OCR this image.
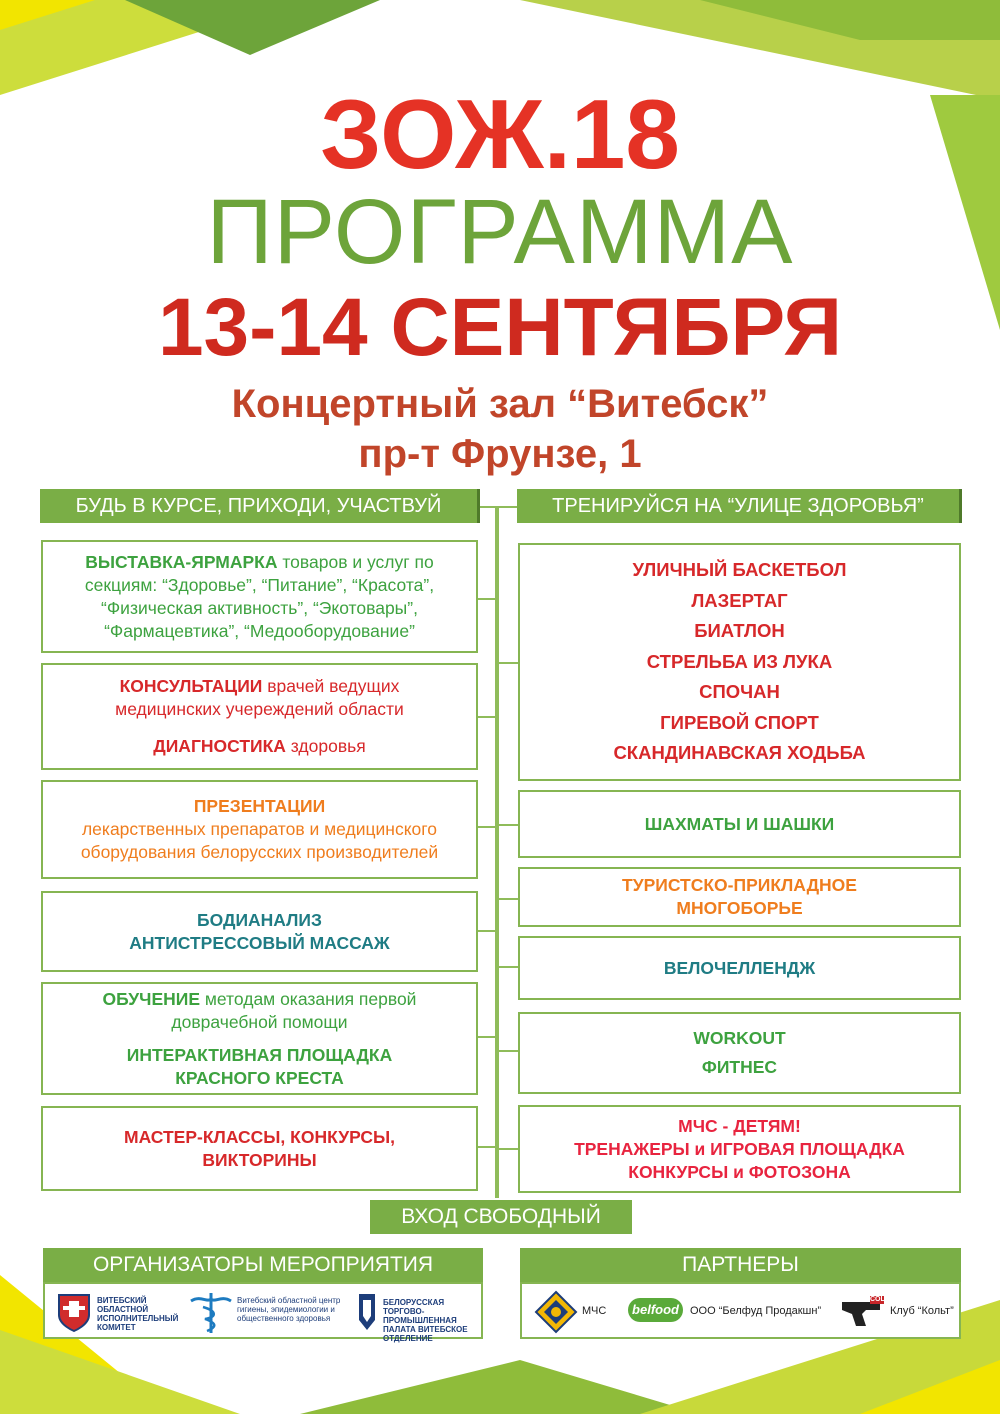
ЗОЖ.18
ПРОГРАММА
13-14 СЕНТЯБРЯ
Концертный зал “Витебск”
пр-т Фрунзе, 1
БУДЬ В КУРСЕ, ПРИХОДИ, УЧАСТВУЙ	ТРЕНИРУЙСЯ НА “УЛИЦЕ ЗДОРОВЬЯ”
ВЫСТАВКА-ЯРМАРКА товаров и услуг по
секциям: “Здоровье”, “Питание”, “Красота”,
“Физическая активность”, “Экотовары”,
“Фармацевтика”, “Медооборудование”
КОНСУЛЬТАЦИИ врачей ведущих
медицинских учереждений области
ДИАГНОСТИКА здоровья
ПРЕЗЕНТАЦИИ
лекарственных препаратов и медицинского
оборудования белорусских производителей
БОДИАНАЛИЗ
АНТИСТРЕССОВЫЙ МАССАЖ
ОБУЧЕНИЕ методам оказания первой
доврачебной помощи
ИНТЕРАКТИВНАЯ ПЛОЩАДКА
КРАСНОГО КРЕСТА
МАСТЕР-КЛАССЫ, КОНКУРСЫ,
ВИКТОРИНЫ
УЛИЧНЫЙ БАСКЕТБОЛ
ЛАЗЕРТАГ
БИАТЛОН
СТРЕЛЬБА ИЗ ЛУКА
СПОЧАН
ГИРЕВОЙ СПОРТ
СКАНДИНАВСКАЯ ХОДЬБА
ШАХМАТЫ И ШАШКИ
ТУРИСТСКО-ПРИКЛАДНОЕ
МНОГОБОРЬЕ
ВЕЛОЧЕЛЛЕНДЖ
WORKOUT
ФИТНЕС
МЧС - ДЕТЯМ!
ТРЕНАЖЕРЫ и ИГРОВАЯ ПЛОЩАДКА
КОНКУРСЫ и ФОТОЗОНА
ВХОД СВОБОДНЫЙ
ОРГАНИЗАТОРЫ МЕРОПРИЯТИЯ
ВИТЕБСКИЙ ОБЛАСТНОЙ ИСПОЛНИТЕЛЬНЫЙ КОМИТЕТ
Витебский областной центр гигиены, эпидемиологии и общественного здоровья
БЕЛОРУССКАЯ ТОРГОВО-ПРОМЫШЛЕННАЯ ПАЛАТА ВИТЕБСКОЕ ОТДЕЛЕНИЕ
ПАРТНЕРЫ
МЧС	belfood	ООО “Белфуд Продакшн”
COLT
Клуб “Кольт”
